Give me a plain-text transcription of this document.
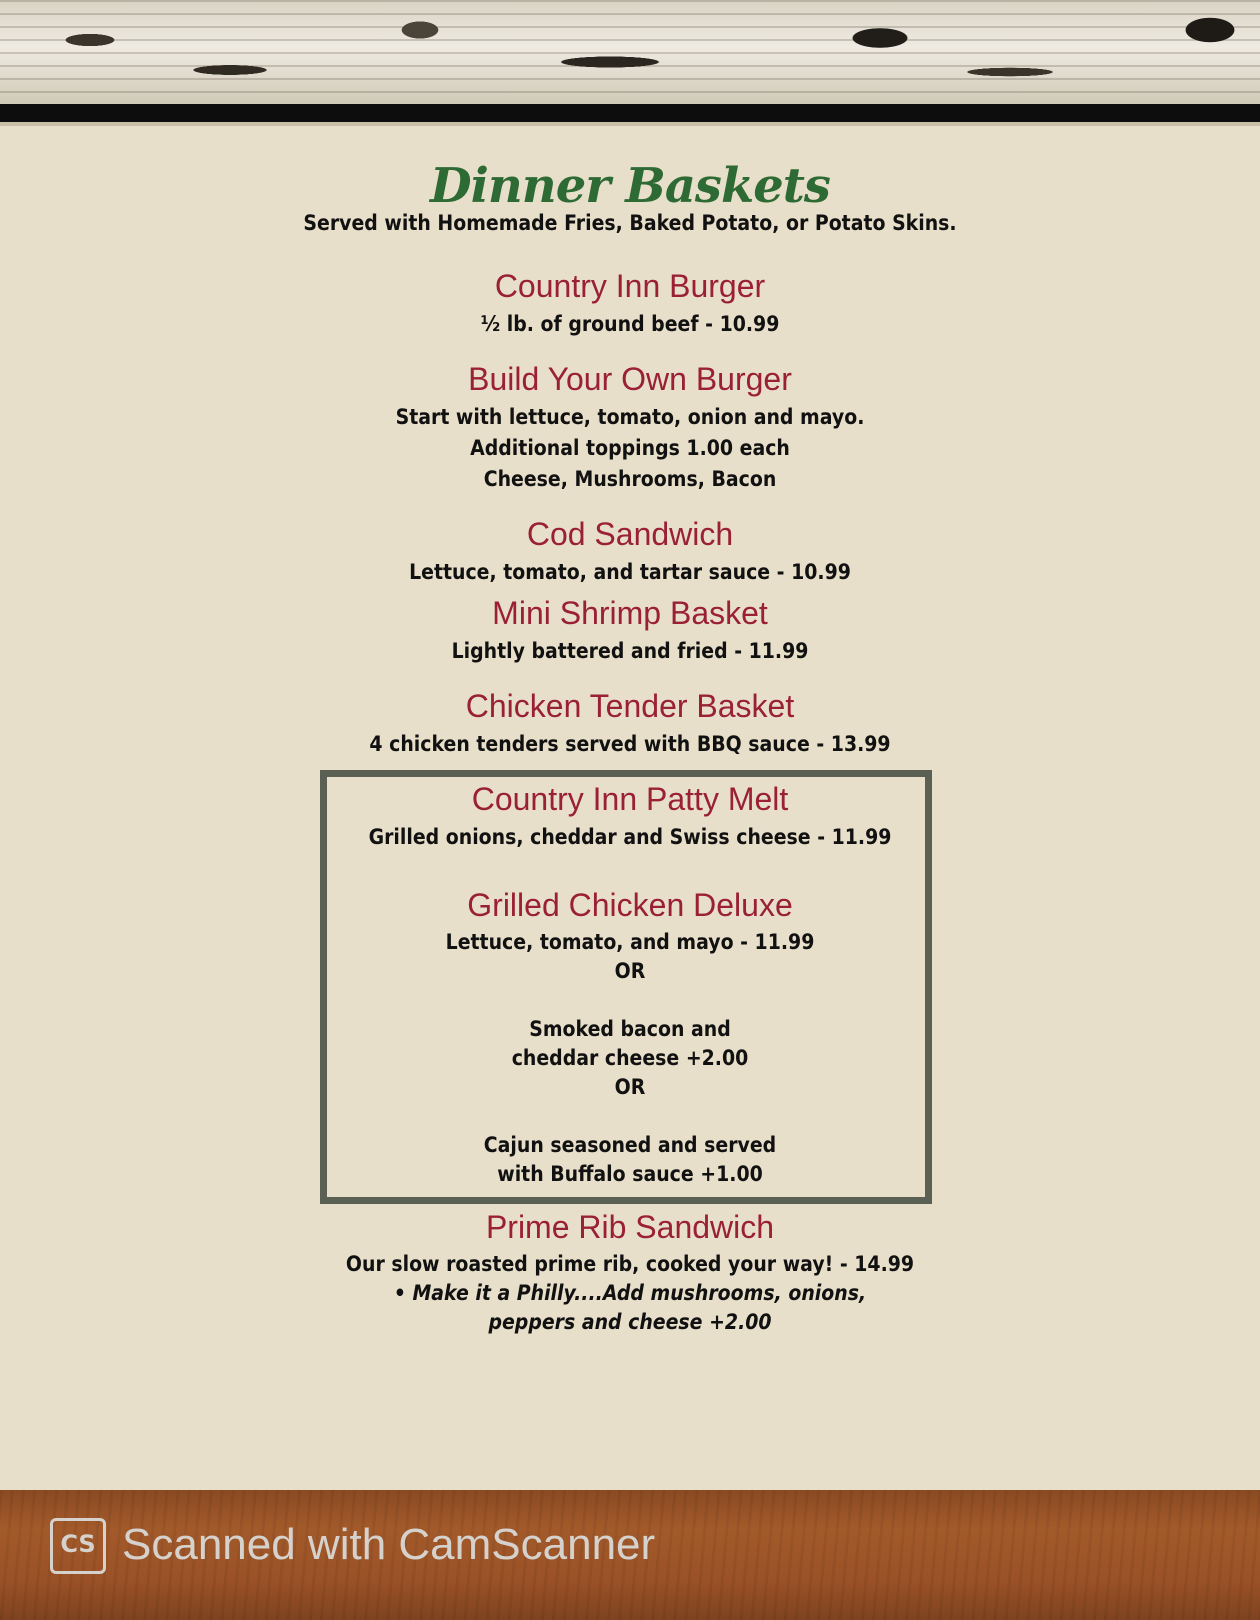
Dinner Baskets
Served with Homemade Fries, Baked Potato, or Potato Skins.
Country Inn Burger
½ lb. of ground beef - 10.99
Build Your Own Burger
Start with lettuce, tomato, onion and mayo.
Additional toppings 1.00 each
Cheese, Mushrooms, Bacon
Cod Sandwich
Lettuce, tomato, and tartar sauce - 10.99
Mini Shrimp Basket
Lightly battered and fried - 11.99
Chicken Tender Basket
4 chicken tenders served with BBQ sauce - 13.99
Country Inn Patty Melt
Grilled onions, cheddar and Swiss cheese - 11.99
Grilled Chicken Deluxe
Lettuce, tomato, and mayo - 11.99
OR
Smoked bacon and
cheddar cheese +2.00
OR
Cajun seasoned and served
with Buffalo sauce +1.00
Prime Rib Sandwich
Our slow roasted prime rib, cooked your way! - 14.99
• Make it a Philly....Add mushrooms, onions,
peppers and cheese +2.00
CS Scanned with CamScanner
